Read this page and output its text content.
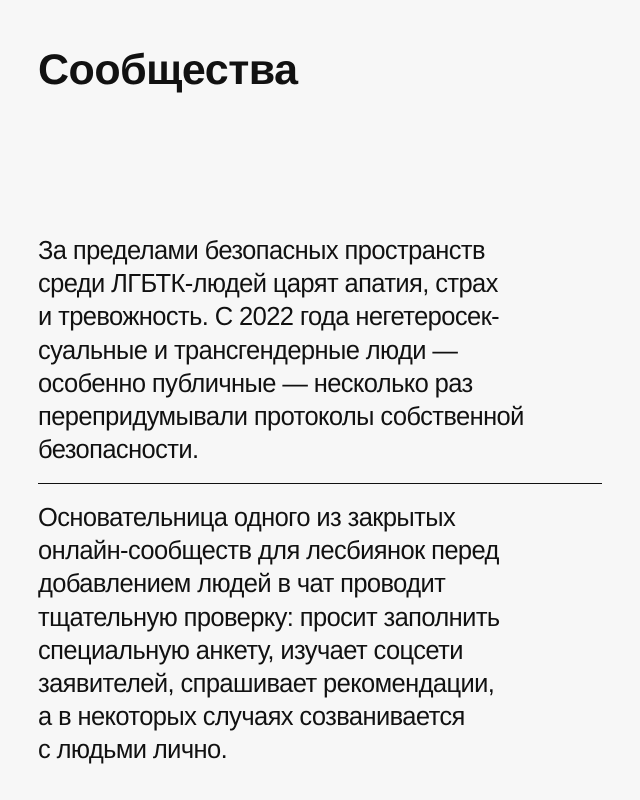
Сообщества

За пределами безопасных пространств
среди ЛГБТК-людей царят апатия, страх
и тревожность. С 2022 года негетеросек-
суальные и трансгендерные люди —
особенно публичные — несколько раз
перепридумывали протоколы собственной
безопасности.

Основательница одного из закрытых
онлайн-сообществ для лесбиянок перед
добавлением людей в чат проводит
тщательную проверку: просит заполнить
специальную анкету, изучает соцсети
заявителей, спрашивает рекомендации,
а в некоторых случаях созванивается
с людьми лично.
